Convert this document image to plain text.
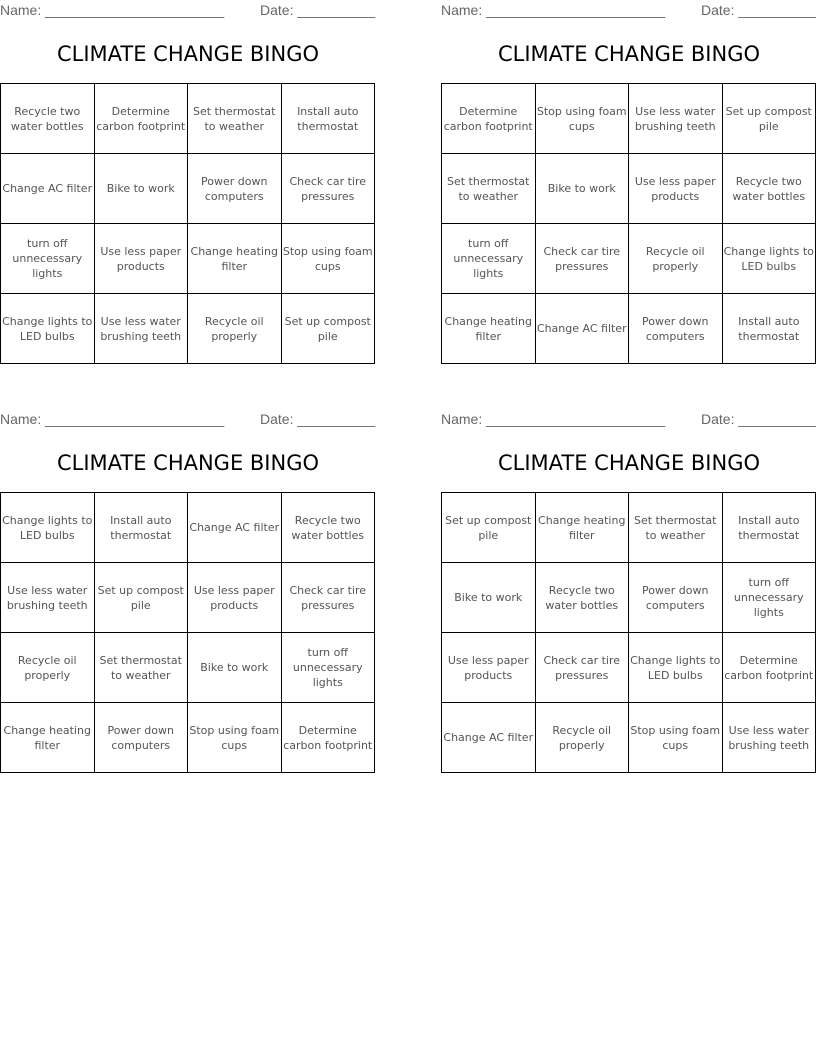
Name: _______________________	Date: __________
CLIMATE CHANGE BINGO
Recycle two water bottles	Determine carbon footprint	Set thermostat to weather	Install auto thermostat
Change AC filter	Bike to work	Power down computers	Check car tire pressures
turn off unnecessary lights	Use less paper products	Change heating filter	Stop using foam cups
Change lights to LED bulbs	Use less water brushing teeth	Recycle oil properly	Set up compost pile
Name: _______________________	Date: __________
CLIMATE CHANGE BINGO
Determine carbon footprint	Stop using foam cups	Use less water brushing teeth	Set up compost pile
Set thermostat to weather	Bike to work	Use less paper products	Recycle two water bottles
turn off unnecessary lights	Check car tire pressures	Recycle oil properly	Change lights to LED bulbs
Change heating filter	Change AC filter	Power down computers	Install auto thermostat
Name: _______________________	Date: __________
CLIMATE CHANGE BINGO
Change lights to LED bulbs	Install auto thermostat	Change AC filter	Recycle two water bottles
Use less water brushing teeth	Set up compost pile	Use less paper products	Check car tire pressures
Recycle oil properly	Set thermostat to weather	Bike to work	turn off unnecessary lights
Change heating filter	Power down computers	Stop using foam cups	Determine carbon footprint
Name: _______________________	Date: __________
CLIMATE CHANGE BINGO
Set up compost pile	Change heating filter	Set thermostat to weather	Install auto thermostat
Bike to work	Recycle two water bottles	Power down computers	turn off unnecessary lights
Use less paper products	Check car tire pressures	Change lights to LED bulbs	Determine carbon footprint
Change AC filter	Recycle oil properly	Stop using foam cups	Use less water brushing teeth
